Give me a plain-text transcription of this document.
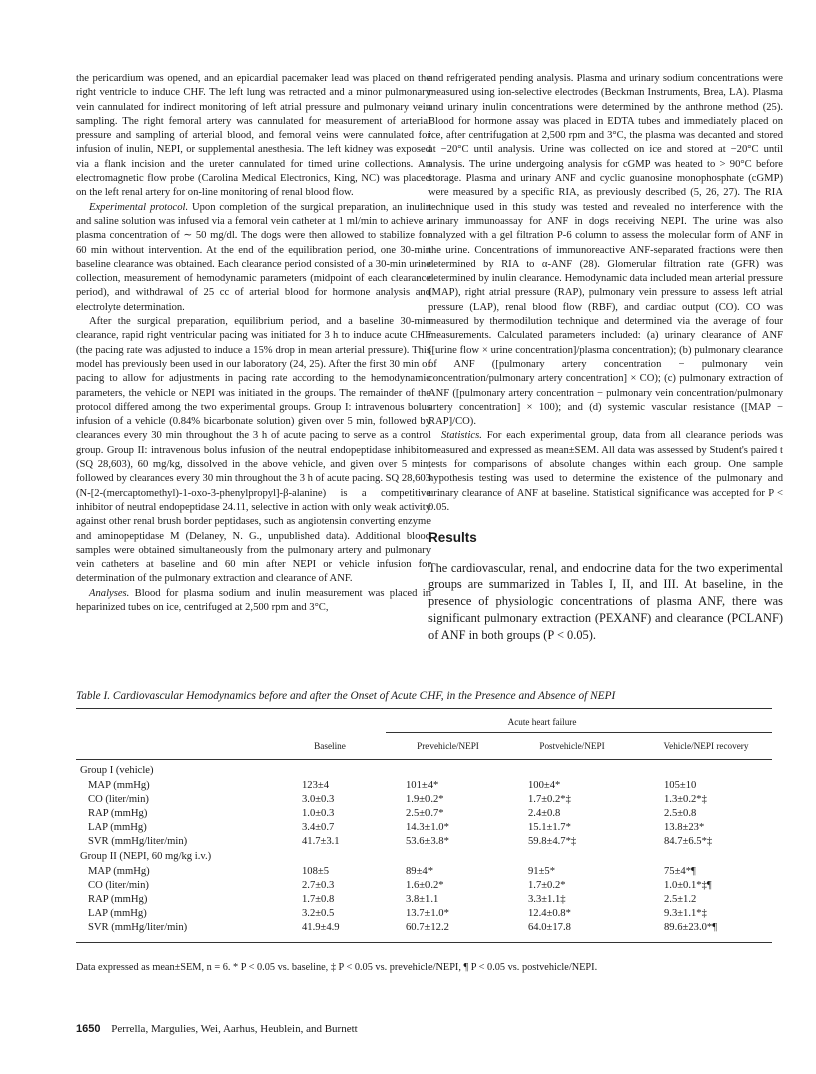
the pericardium was opened, and an epicardial pacemaker lead was placed on the right ventricle to induce CHF. The left lung was retracted and a minor pulmonary vein cannulated for indirect monitoring of left atrial pressure and pulmonary vein sampling. The right femoral artery was cannulated for measurement of arterial pressure and sampling of arterial blood, and femoral veins were cannulated for infusion of inulin, NEPI, or supplemental anesthesia. The left kidney was exposed via a flank incision and the ureter cannulated for timed urine collections. An electromagnetic flow probe (Carolina Medical Electronics, King, NC) was placed on the left renal artery for on-line monitoring of renal blood flow.

Experimental protocol. Upon completion of the surgical preparation, an inulin and saline solution was infused via a femoral vein catheter at 1 ml/min to achieve a plasma concentration of ∼ 50 mg/dl. The dogs were then allowed to stabilize for 60 min without intervention. At the end of the equilibration period, one 30-min baseline clearance was obtained. Each clearance period consisted of a 30-min urine collection, measurement of hemodynamic parameters (midpoint of each clearance period), and withdrawal of 25 cc of arterial blood for hormone analysis and electrolyte determination.

After the surgical preparation, equilibrium period, and a baseline 30-min clearance, rapid right ventricular pacing was initiated for 3 h to induce acute CHF (the pacing rate was adjusted to induce a 15% drop in mean arterial pressure). This model has previously been used in our laboratory (24, 25). After the first 30 min of pacing to allow for adjustments in pacing rate according to the hemodynamic parameters, the vehicle or NEPI was initiated in the groups. The remainder of the protocol differed among the two experimental groups. Group I: intravenous bolus infusion of a vehicle (0.84% bicarbonate solution) given over 5 min, followed by clearances every 30 min throughout the 3 h of acute pacing to serve as a control group. Group II: intravenous bolus infusion of the neutral endopeptidase inhibitor (SQ 28,603), 60 mg/kg, dissolved in the above vehicle, and given over 5 min, followed by clearances every 30 min throughout the 3 h of acute pacing. SQ 28,603 (N-[2-(mercaptomethyl)-1-oxo-3-phenylpropyl]-β-alanine) is a competitive inhibitor of neutral endopeptidase 24.11, selective in action with only weak activity against other renal brush border peptidases, such as angiotensin converting enzyme and aminopeptidase M (Delaney, N. G., unpublished data). Additional blood samples were obtained simultaneously from the pulmonary artery and pulmonary vein catheters at baseline and 60 min after NEPI or vehicle infusion for determination of the pulmonary extraction and clearance of ANF.

Analyses. Blood for plasma sodium and inulin measurement was placed in heparinized tubes on ice, centrifuged at 2,500 rpm and 3°C,

and refrigerated pending analysis. Plasma and urinary sodium concentrations were measured using ion-selective electrodes (Beckman Instruments, Brea, LA). Plasma and urinary inulin concentrations were determined by the anthrone method (25). Blood for hormone assay was placed in EDTA tubes and immediately placed on ice, after centrifugation at 2,500 rpm and 3°C, the plasma was decanted and stored at −20°C until analysis. Urine was collected on ice and stored at −20°C until analysis. The urine undergoing analysis for cGMP was heated to > 90°C before storage. Plasma and urinary ANF and cyclic guanosine monophosphate (cGMP) were measured by a specific RIA, as previously described (5, 26, 27). The RIA technique used in this study was tested and revealed no interference with the urinary immunoassay for ANF in dogs receiving NEPI. The urine was also analyzed with a gel filtration P-6 column to assess the molecular form of ANF in the urine. Concentrations of immunoreactive ANF-separated fractions were then determined by RIA to α-ANF (28). Glomerular filtration rate (GFR) was determined by inulin clearance. Hemodynamic data included mean arterial pressure (MAP), right atrial pressure (RAP), pulmonary vein pressure to assess left atrial pressure (LAP), renal blood flow (RBF), and cardiac output (CO). CO was measured by thermodilution technique and determined via the average of four measurements. Calculated parameters included: (a) urinary clearance of ANF ([urine flow × urine concentration]/plasma concentration); (b) pulmonary clearance of ANF ([pulmonary artery concentration − pulmonary vein concentration/pulmonary artery concentration] × CO); (c) pulmonary extraction of ANF ([pulmonary artery concentration − pulmonary vein concentration/pulmonary artery concentration] × 100); and (d) systemic vascular resistance ([MAP − RAP]/CO).

Statistics. For each experimental group, data from all clearance periods was measured and expressed as mean±SEM. All data was assessed by Student's paired t tests for comparisons of absolute changes within each group. One sample hypothesis testing was used to determine the existence of the pulmonary and urinary clearance of ANF at baseline. Statistical significance was accepted for P < 0.05.

Results

The cardiovascular, renal, and endocrine data for the two experimental groups are summarized in Tables I, II, and III. At baseline, in the presence of physiologic concentrations of plasma ANF, there was significant pulmonary extraction (PEXANF) and clearance (PCLANF) of ANF in both groups (P < 0.05).

Table I. Cardiovascular Hemodynamics before and after the Onset of Acute CHF, in the Presence and Absence of NEPI
Acute heart failure
Baseline	Prevehicle/NEPI	Postvehicle/NEPI	Vehicle/NEPI recovery
Group I (vehicle)
MAP (mmHg)	123±4	101±4*	100±4*	105±10
CO (liter/min)	3.0±0.3	1.9±0.2*	1.7±0.2*‡	1.3±0.2*‡
RAP (mmHg)	1.0±0.3	2.5±0.7*	2.4±0.8	2.5±0.8
LAP (mmHg)	3.4±0.7	14.3±1.0*	15.1±1.7*	13.8±23*
SVR (mmHg/liter/min)	41.7±3.1	53.6±3.8*	59.8±4.7*‡	84.7±6.5*‡
Group II (NEPI, 60 mg/kg i.v.)
MAP (mmHg)	108±5	89±4*	91±5*	75±4*¶
CO (liter/min)	2.7±0.3	1.6±0.2*	1.7±0.2*	1.0±0.1*‡¶
RAP (mmHg)	1.7±0.8	3.8±1.1	3.3±1.1‡	2.5±1.2
LAP (mmHg)	3.2±0.5	13.7±1.0*	12.4±0.8*	9.3±1.1*‡
SVR (mmHg/liter/min)	41.9±4.9	60.7±12.2	64.0±17.8	89.6±23.0*¶
Data expressed as mean±SEM, n = 6. * P < 0.05 vs. baseline, ‡ P < 0.05 vs. prevehicle/NEPI, ¶ P < 0.05 vs. postvehicle/NEPI.
1650 Perrella, Margulies, Wei, Aarhus, Heublein, and Burnett
